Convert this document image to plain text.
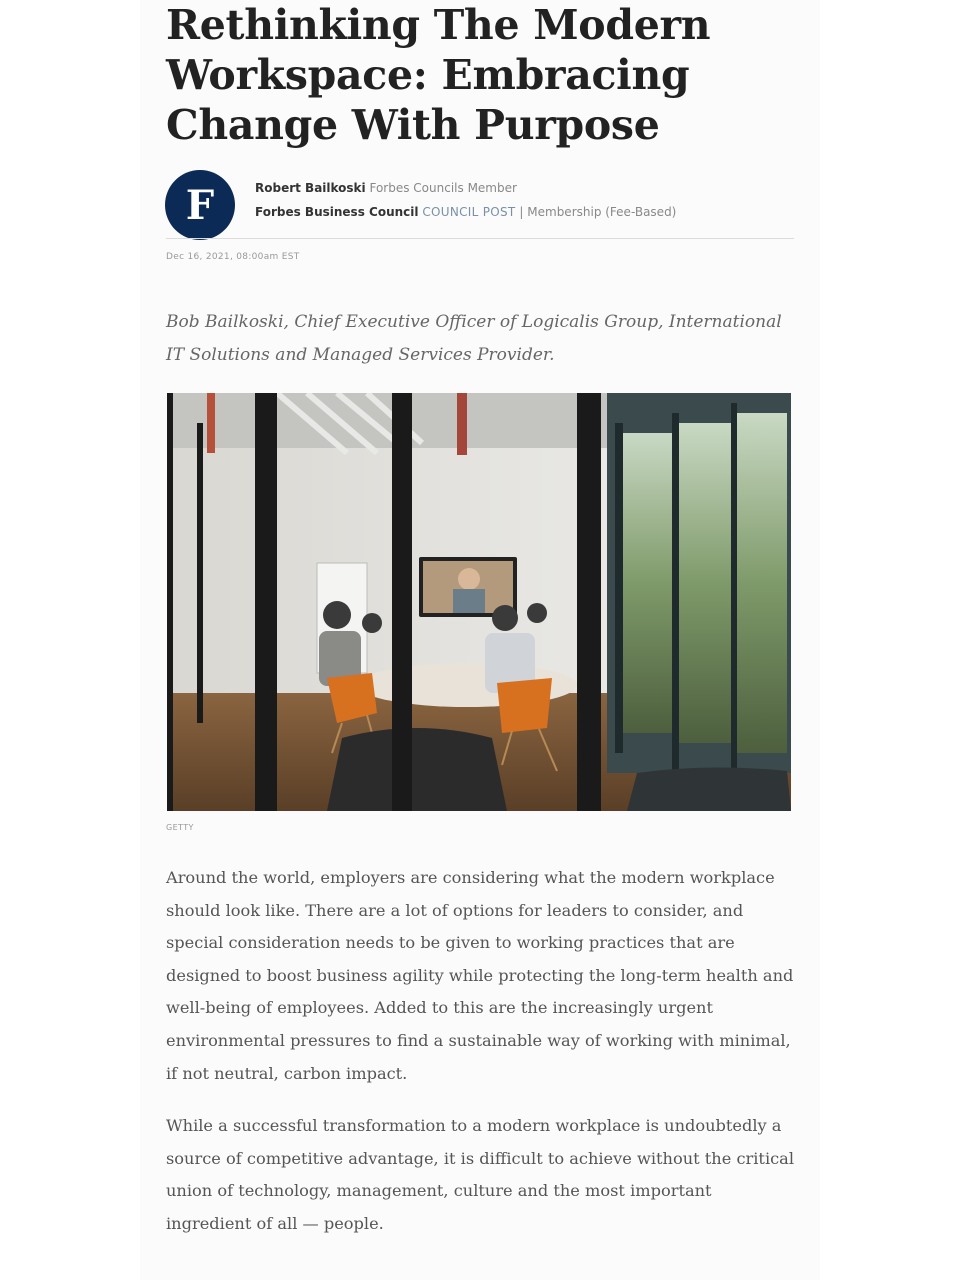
Rethinking The Modern Workspace: Embracing Change With Purpose
F	Robert Bailkoski Forbes Councils Member
Forbes Business Council COUNCIL POST | Membership (Fee-Based)
Dec 16, 2021, 08:00am EST

Bob Bailkoski, Chief Executive Officer of Logicalis Group, International IT Solutions and Managed Services Provider.

GETTY

Around the world, employers are considering what the modern workplace should look like. There are a lot of options for leaders to consider, and special consideration needs to be given to working practices that are designed to boost business agility while protecting the long-term health and well-being of employees. Added to this are the increasingly urgent environmental pressures to find a sustainable way of working with minimal, if not neutral, carbon impact.

While a successful transformation to a modern workplace is undoubtedly a source of competitive advantage, it is difficult to achieve without the critical union of technology, management, culture and the most important ingredient of all — people.
